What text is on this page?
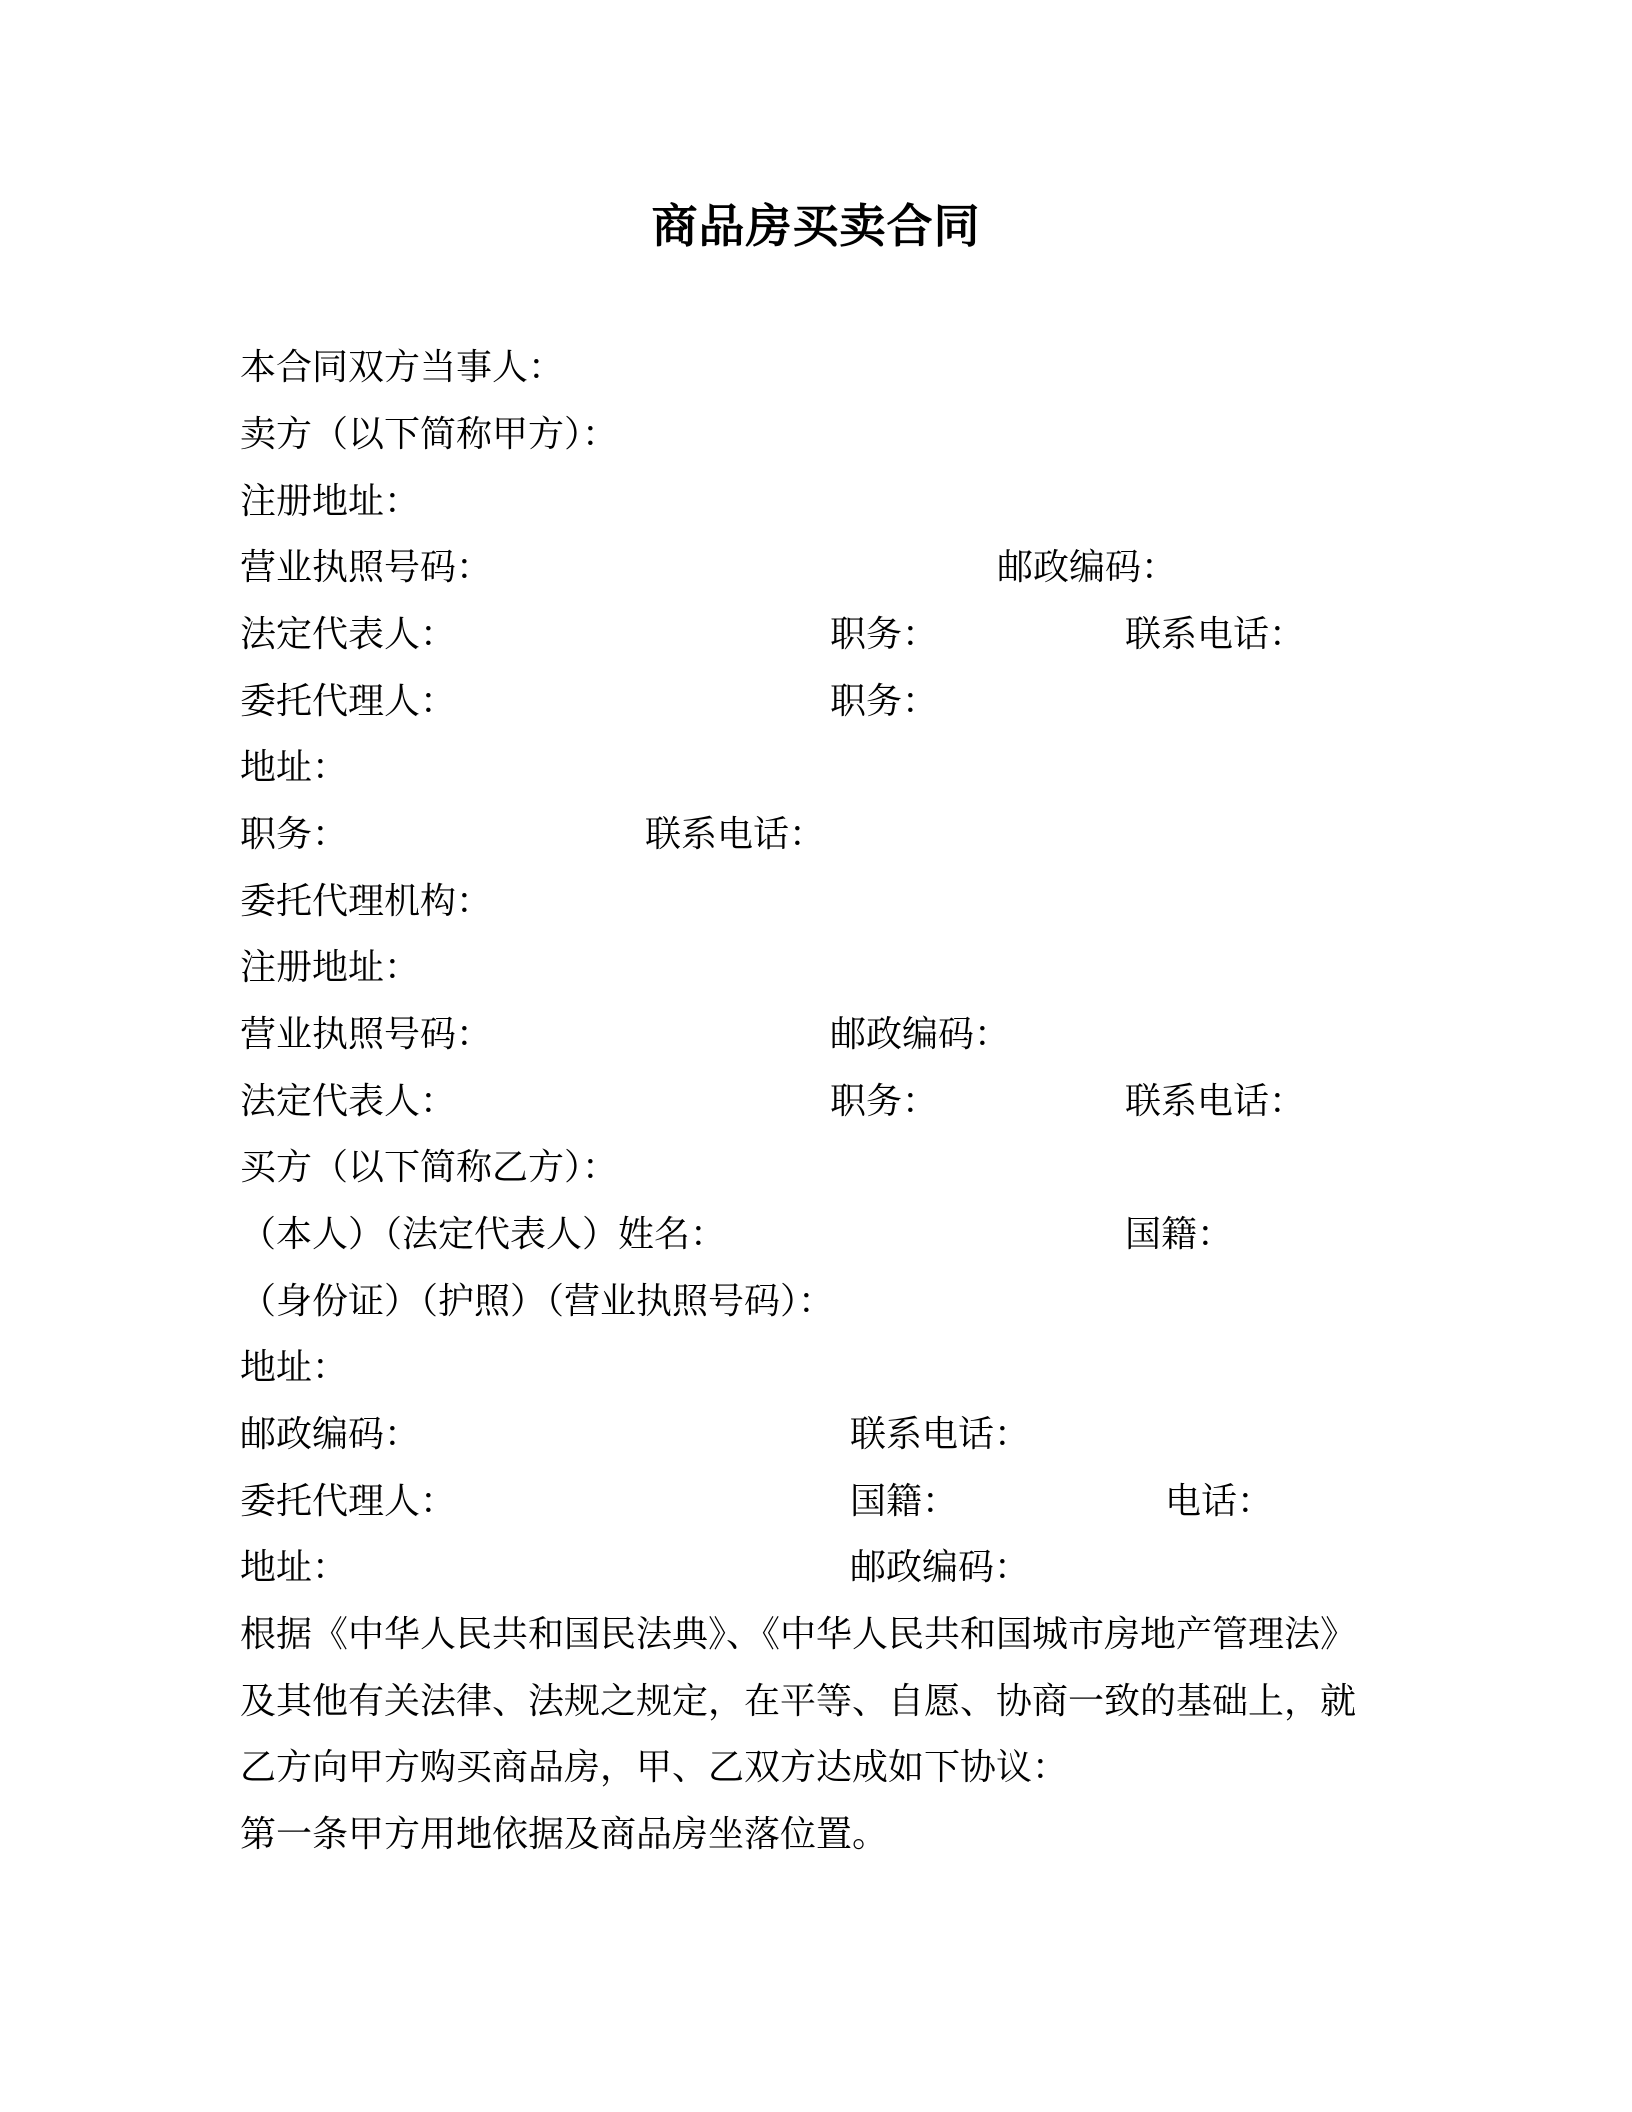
商品房买卖合同
本合同双方当事人：
卖方（以下简称甲方）：
注册地址：
营业执照号码：	邮政编码：
法定代表人：	职务：	联系电话：
委托代理人：	职务：
地址：
职务：	联系电话：
委托代理机构：
注册地址：
营业执照号码：	邮政编码：
法定代表人：	职务：	联系电话：
买方（以下简称乙方）：
（本人）（法定代表人）姓名：	国籍：
（身份证）（护照）（营业执照号码）：
地址：
邮政编码：	联系电话：
委托代理人：	国籍：	电话：
地址：	邮政编码：
根据《中华人民共和国民法典》、《中华人民共和国城市房地产管理法》
及其他有关法律、法规之规定，在平等、自愿、协商一致的基础上，就
乙方向甲方购买商品房，甲、乙双方达成如下协议：
第一条甲方用地依据及商品房坐落位置。
